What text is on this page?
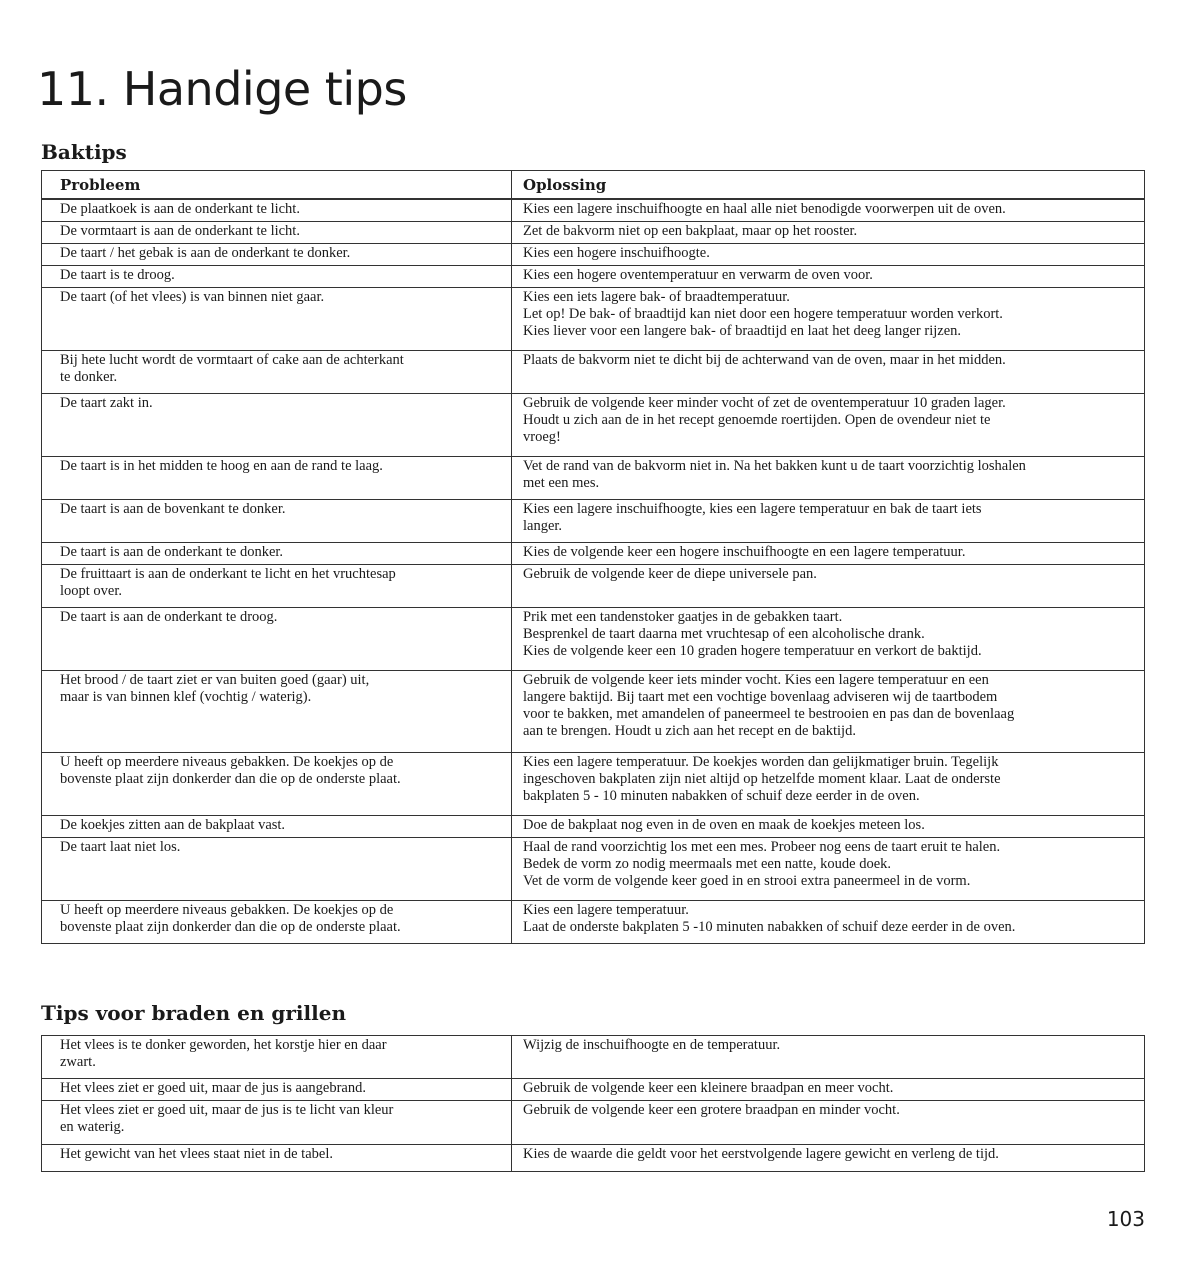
11. Handige tips
Baktips
Probleem	Oplossing

De plaatkoek is aan de onderkant te licht.	Kies een lagere inschuifhoogte en haal alle niet benodigde voorwerpen uit de oven.

De vormtaart is aan de onderkant te licht.	Zet de bakvorm niet op een bakplaat, maar op het rooster.

De taart / het gebak is aan de onderkant te donker.	Kies een hogere inschuifhoogte.

De taart is te droog.	Kies een hogere oventemperatuur en verwarm de oven voor.

De taart (of het vlees) is van binnen niet gaar.	Kies een iets lagere bak- of braadtemperatuur.
Let op! De bak- of braadtijd kan niet door een hogere temperatuur worden verkort.
Kies liever voor een langere bak- of braadtijd en laat het deeg langer rijzen.

Bij hete lucht wordt de vormtaart of cake aan de achterkant
te donker.	Plaats de bakvorm niet te dicht bij de achterwand van de oven, maar in het midden.

De taart zakt in.	Gebruik de volgende keer minder vocht of zet de oventemperatuur 10 graden lager.
Houdt u zich aan de in het recept genoemde roertijden. Open de ovendeur niet te
vroeg!

De taart is in het midden te hoog en aan de rand te laag.	Vet de rand van de bakvorm niet in. Na het bakken kunt u de taart voorzichtig loshalen
met een mes.

De taart is aan de bovenkant te donker.	Kies een lagere inschuifhoogte, kies een lagere temperatuur en bak de taart iets
langer.

De taart is aan de onderkant te donker.	Kies de volgende keer een hogere inschuifhoogte en een lagere temperatuur.

De fruittaart is aan de onderkant te licht en het vruchtesap
loopt over.	Gebruik de volgende keer de diepe universele pan.

De taart is aan de onderkant te droog.	Prik met een tandenstoker gaatjes in de gebakken taart.
Besprenkel de taart daarna met vruchtesap of een alcoholische drank.
Kies de volgende keer een 10 graden hogere temperatuur en verkort de baktijd.

Het brood / de taart ziet er van buiten goed (gaar) uit,
maar is van binnen klef (vochtig / waterig).	Gebruik de volgende keer iets minder vocht. Kies een lagere temperatuur en een
langere baktijd. Bij taart met een vochtige bovenlaag adviseren wij de taartbodem
voor te bakken, met amandelen of paneermeel te bestrooien en pas dan de bovenlaag
aan te brengen. Houdt u zich aan het recept en de baktijd.

U heeft op meerdere niveaus gebakken. De koekjes op de
bovenste plaat zijn donkerder dan die op de onderste plaat.	Kies een lagere temperatuur. De koekjes worden dan gelijkmatiger bruin. Tegelijk
ingeschoven bakplaten zijn niet altijd op hetzelfde moment klaar. Laat de onderste
bakplaten 5 - 10 minuten nabakken of schuif deze eerder in de oven.

De koekjes zitten aan de bakplaat vast.	Doe de bakplaat nog even in de oven en maak de koekjes meteen los.

De taart laat niet los.	Haal de rand voorzichtig los met een mes. Probeer nog eens de taart eruit te halen.
Bedek de vorm zo nodig meermaals met een natte, koude doek.
Vet de vorm de volgende keer goed in en strooi extra paneermeel in de vorm.

U heeft op meerdere niveaus gebakken. De koekjes op de
bovenste plaat zijn donkerder dan die op de onderste plaat.	Kies een lagere temperatuur.
Laat de onderste bakplaten 5 -10 minuten nabakken of schuif deze eerder in de oven.
Tips voor braden en grillen
Het vlees is te donker geworden, het korstje hier en daar
zwart.	Wijzig de inschuifhoogte en de temperatuur.

Het vlees ziet er goed uit, maar de jus is aangebrand.	Gebruik de volgende keer een kleinere braadpan en meer vocht.

Het vlees ziet er goed uit, maar de jus is te licht van kleur
en waterig.	Gebruik de volgende keer een grotere braadpan en minder vocht.

Het gewicht van het vlees staat niet in de tabel.	Kies de waarde die geldt voor het eerstvolgende lagere gewicht en verleng de tijd.
103
